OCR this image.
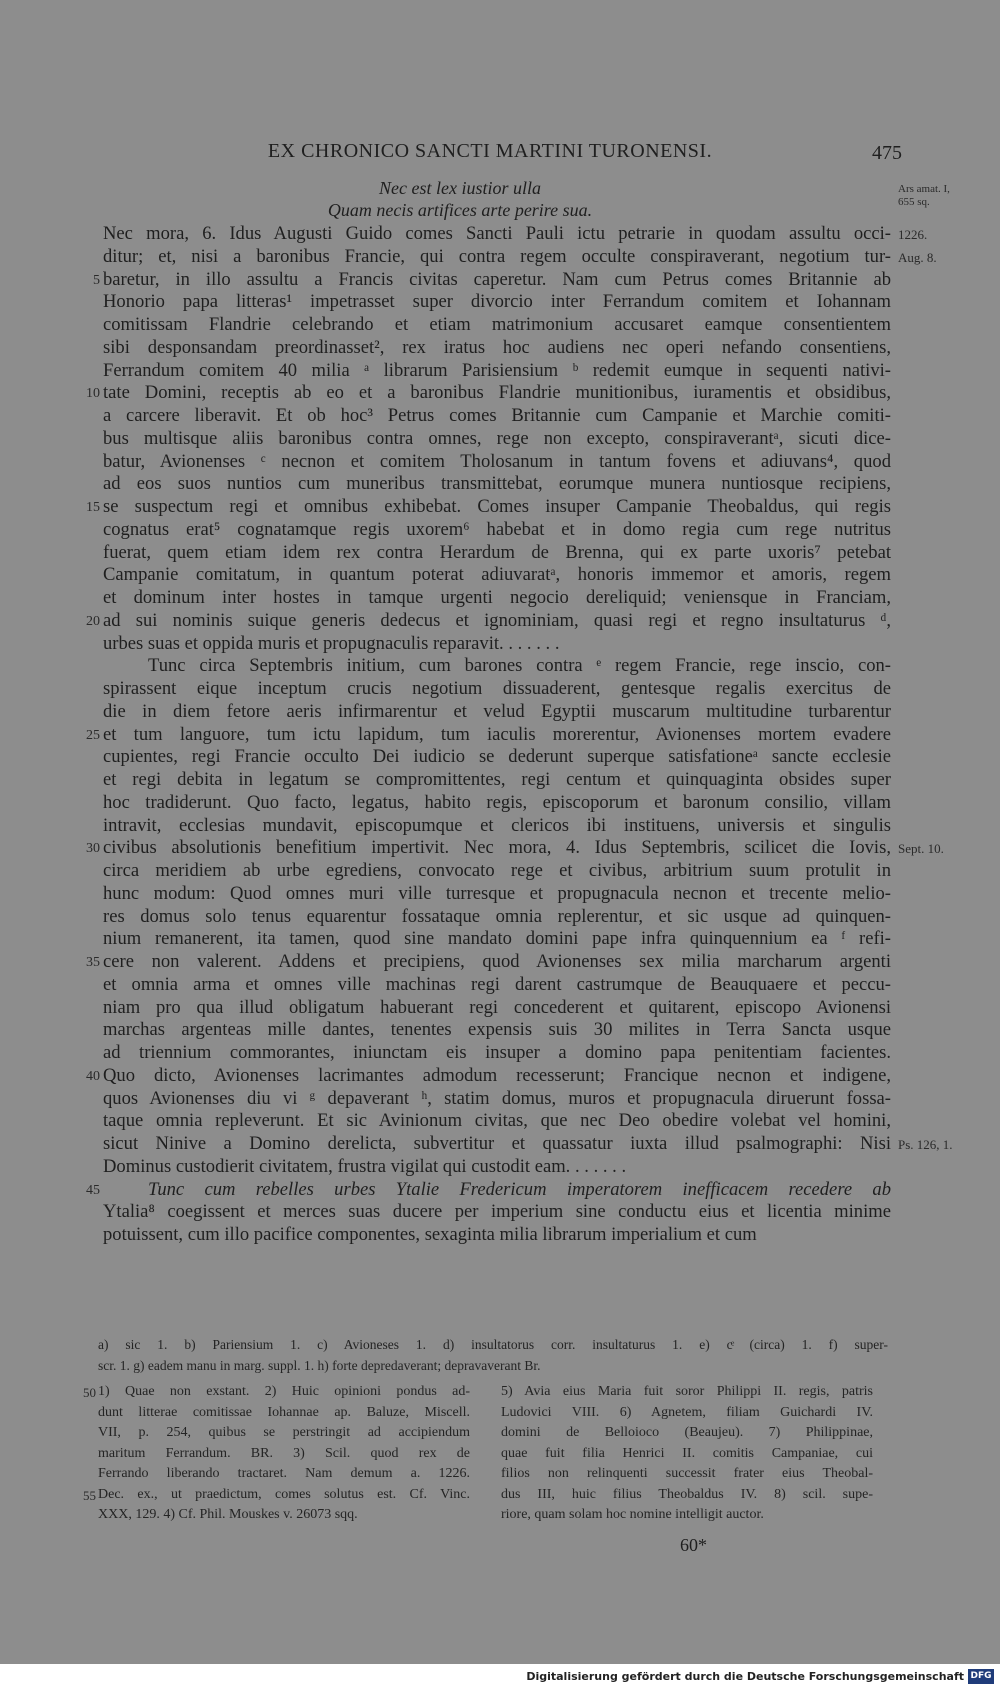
EX CHRONICO SANCTI MARTINI TURONENSI.	475
Nec est lex iustior ulla
Quam necis artifices arte perire sua.
Nec mora, 6. Idus Augusti Guido comes Sancti Pauli ictu petrarie in quodam assultu occi-
ditur; et, nisi a baronibus Francie, qui contra regem occulte conspiraverant, negotium tur-
baretur, in illo assultu a Francis civitas caperetur. Nam cum Petrus comes Britannie ab
Honorio papa litteras¹ impetrasset super divorcio inter Ferrandum comitem et Iohannam
comitissam Flandrie celebrando et etiam matrimonium accusaret eamque consentientem
sibi desponsandam preordinasset², rex iratus hoc audiens nec operi nefando consentiens,
Ferrandum comitem 40 milia ᵃ librarum Parisiensium ᵇ redemit eumque in sequenti nativi-
tate Domini, receptis ab eo et a baronibus Flandrie munitionibus, iuramentis et obsidibus,
a carcere liberavit. Et ob hoc³ Petrus comes Britannie cum Campanie et Marchie comiti-
bus multisque aliis baronibus contra omnes, rege non excepto, conspiraverantᵃ, sicuti dice-
batur, Avionenses ᶜ necnon et comitem Tholosanum in tantum fovens et adiuvans⁴, quod
ad eos suos nuntios cum muneribus transmittebat, eorumque munera nuntiosque recipiens,
se suspectum regi et omnibus exhibebat. Comes insuper Campanie Theobaldus, qui regis
cognatus erat⁵ cognatamque regis uxorem⁶ habebat et in domo regia cum rege nutritus
fuerat, quem etiam idem rex contra Herardum de Brenna, qui ex parte uxoris⁷ petebat
Campanie comitatum, in quantum poterat adiuvaratᵃ, honoris immemor et amoris, regem
et dominum inter hostes in tamque urgenti negocio dereliquid; veniensque in Franciam,
ad sui nominis suique generis dedecus et ignominiam, quasi regi et regno insultaturus ᵈ,
urbes suas et oppida muris et propugnaculis reparavit. . . . . . .
Tunc circa Septembris initium, cum barones contra ᵉ regem Francie, rege inscio, con-
spirassent eique inceptum crucis negotium dissuaderent, gentesque regalis exercitus de
die in diem fetore aeris infirmarentur et velud Egyptii muscarum multitudine turbarentur
et tum languore, tum ictu lapidum, tum iaculis morerentur, Avionenses mortem evadere
cupientes, regi Francie occulto Dei iudicio se dederunt superque satisfationeᵃ sancte ecclesie
et regi debita in legatum se compromittentes, regi centum et quinquaginta obsides super
hoc tradiderunt. Quo facto, legatus, habito regis, episcoporum et baronum consilio, villam
intravit, ecclesias mundavit, episcopumque et clericos ibi instituens, universis et singulis
civibus absolutionis benefitium impertivit. Nec mora, 4. Idus Septembris, scilicet die Iovis,
circa meridiem ab urbe egrediens, convocato rege et civibus, arbitrium suum protulit in
hunc modum: Quod omnes muri ville turresque et propugnacula necnon et trecente melio-
res domus solo tenus equarentur fossataque omnia replerentur, et sic usque ad quinquen-
nium remanerent, ita tamen, quod sine mandato domini pape infra quinquennium ea ᶠ refi-
cere non valerent. Addens et precipiens, quod Avionenses sex milia marcharum argenti
et omnia arma et omnes ville machinas regi darent castrumque de Beauquaere et peccu-
niam pro qua illud obligatum habuerant regi concederent et quitarent, episcopo Avionensi
marchas argenteas mille dantes, tenentes expensis suis 30 milites in Terra Sancta usque
ad triennium commorantes, iniunctam eis insuper a domino papa penitentiam facientes.
Quo dicto, Avionenses lacrimantes admodum recesserunt; Francique necnon et indigene,
quos Avionenses diu vi ᵍ depaverant ʰ, statim domus, muros et propugnacula diruerunt fossa-
taque omnia repleverunt. Et sic Avinionum civitas, que nec Deo obedire volebat vel homini,
sicut Ninive a Domino derelicta, subvertitur et quassatur iuxta illud psalmographi: Nisi
Dominus custodierit civitatem, frustra vigilat qui custodit eam. . . . . . .
Tunc cum rebelles urbes Ytalie Fredericum imperatorem inefficacem recedere ab
Ytalia⁸ coegissent et merces suas ducere per imperium sine conductu eius et licentia minime
potuissent, cum illo pacifice componentes, sexaginta milia librarum imperialium et cum
5
10
15
20
25
30
35
40
45
Ars amat. I,
655 sq.
1226.
Aug. 8.
Sept. 10.
Ps. 126, 1.
a) sic 1. b) Pariensium 1. c) Avioneses 1. d) insultatorus corr. insultaturus 1. e) cͤ (circa) 1. f) super-
scr. 1. g) eadem manu in marg. suppl. 1. h) forte depredaverant; depravaverant Br.
1) Quae non exstant. 2) Huic opinioni pondus ad-
dunt litterae comitissae Iohannae ap. Baluze, Miscell.
VII, p. 254, quibus se perstringit ad accipiendum
maritum Ferrandum. BR. 3) Scil. quod rex de
Ferrando liberando tractaret. Nam demum a. 1226.
Dec. ex., ut praedictum, comes solutus est. Cf. Vinc.
XXX, 129. 4) Cf. Phil. Mouskes v. 26073 sqq.
5) Avia eius Maria fuit soror Philippi II. regis, patris
Ludovici VIII. 6) Agnetem, filiam Guichardi IV.
domini de Belloioco (Beaujeu). 7) Philippinae,
quae fuit filia Henrici II. comitis Campaniae, cui
filios non relinquenti successit frater eius Theobal-
dus III, huic filius Theobaldus IV. 8) scil. supe-
riore, quam solam hoc nomine intelligit auctor.
50
55
60*
Digitalisierung gefördert durch die Deutsche Forschungsgemeinschaft DFG
